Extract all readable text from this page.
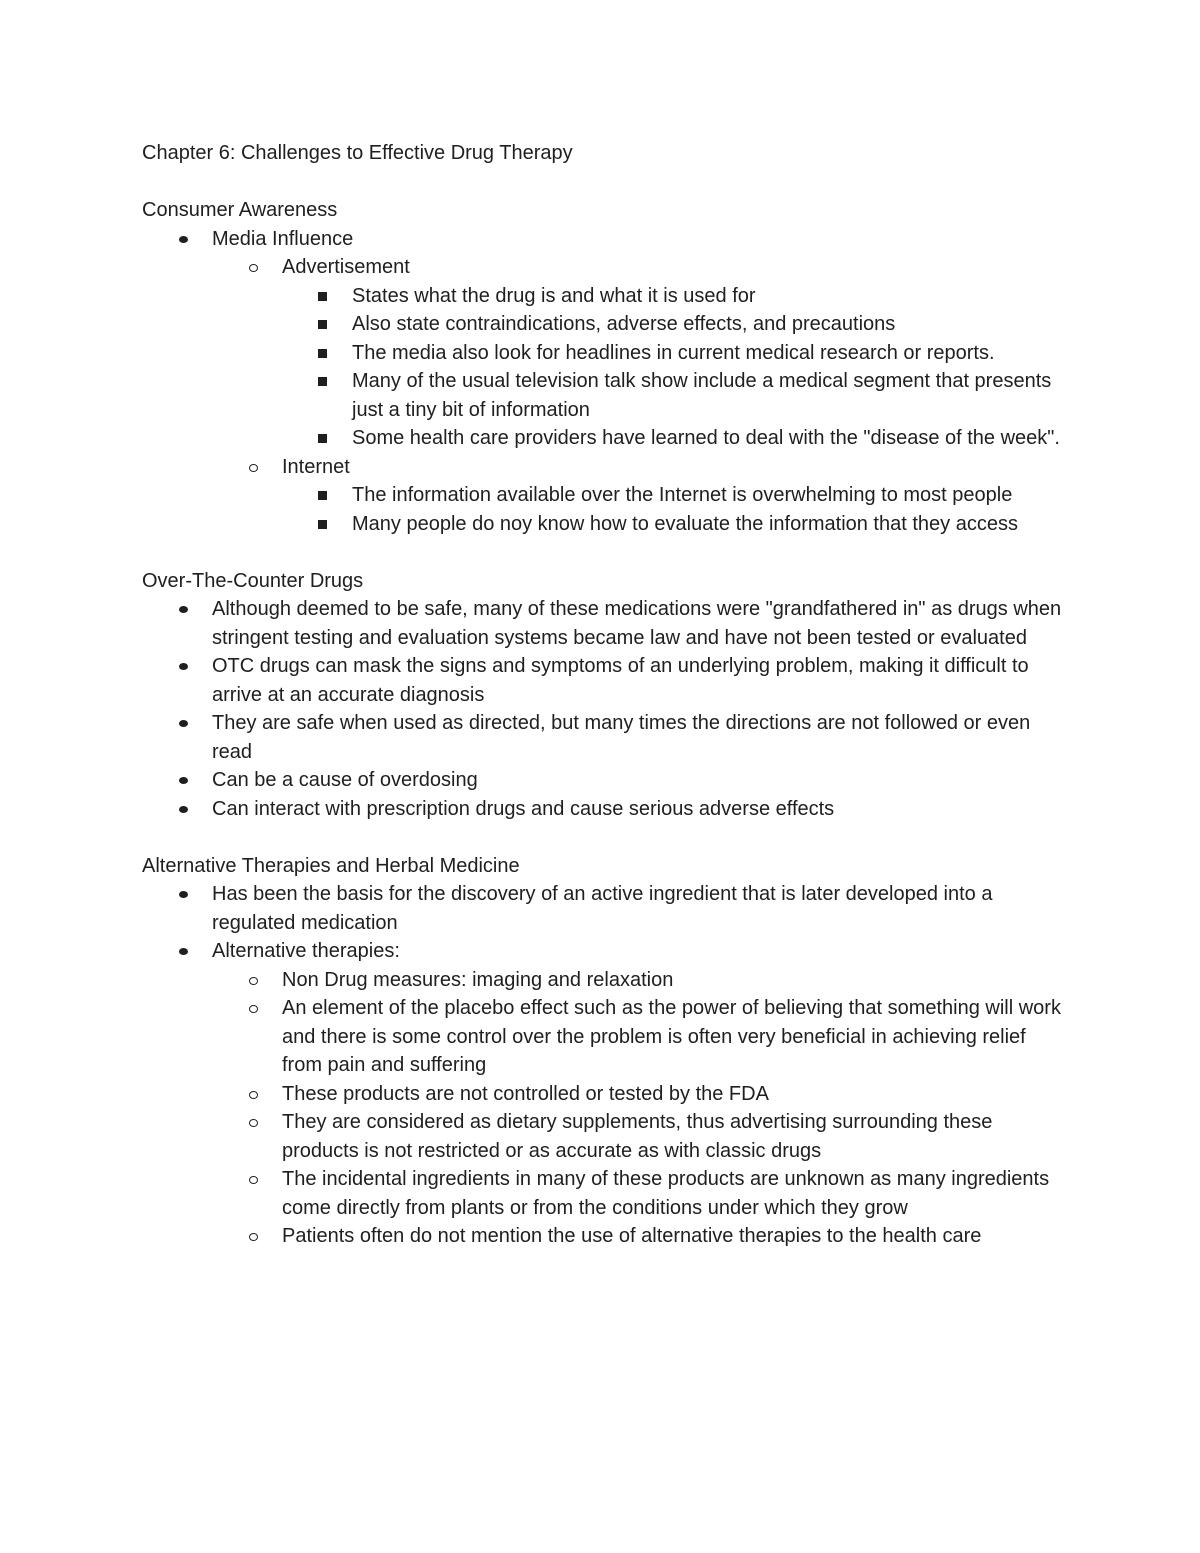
Chapter 6: Challenges to Effective Drug Therapy

Consumer Awareness

Media Influence
Advertisement
States what the drug is and what it is used for
Also state contraindications, adverse effects, and precautions
The media also look for headlines in current medical research or reports.
Many of the usual television talk show include a medical segment that presents just a tiny bit of information
Some health care providers have learned to deal with the "disease of the week".
Internet
The information available over the Internet is overwhelming to most people
Many people do noy know how to evaluate the information that they access

Over-The-Counter Drugs

Although deemed to be safe, many of these medications were "grandfathered in" as drugs when stringent testing and evaluation systems became law and have not been tested or evaluated
OTC drugs can mask the signs and symptoms of an underlying problem, making it difficult to arrive at an accurate diagnosis
They are safe when used as directed, but many times the directions are not followed or even read
Can be a cause of overdosing
Can interact with prescription drugs and cause serious adverse effects

Alternative Therapies and Herbal Medicine

Has been the basis for the discovery of an active ingredient that is later developed into a regulated medication
Alternative therapies:
Non Drug measures: imaging and relaxation
An element of the placebo effect such as the power of believing that something will work and there is some control over the problem is often very beneficial in achieving relief from pain and suffering
These products are not controlled or tested by the FDA
They are considered as dietary supplements, thus advertising surrounding these products is not restricted or as accurate as with classic drugs
The incidental ingredients in many of these products are unknown as many ingredients come directly from plants or from the conditions under which they grow
Patients often do not mention the use of alternative therapies to the health care
